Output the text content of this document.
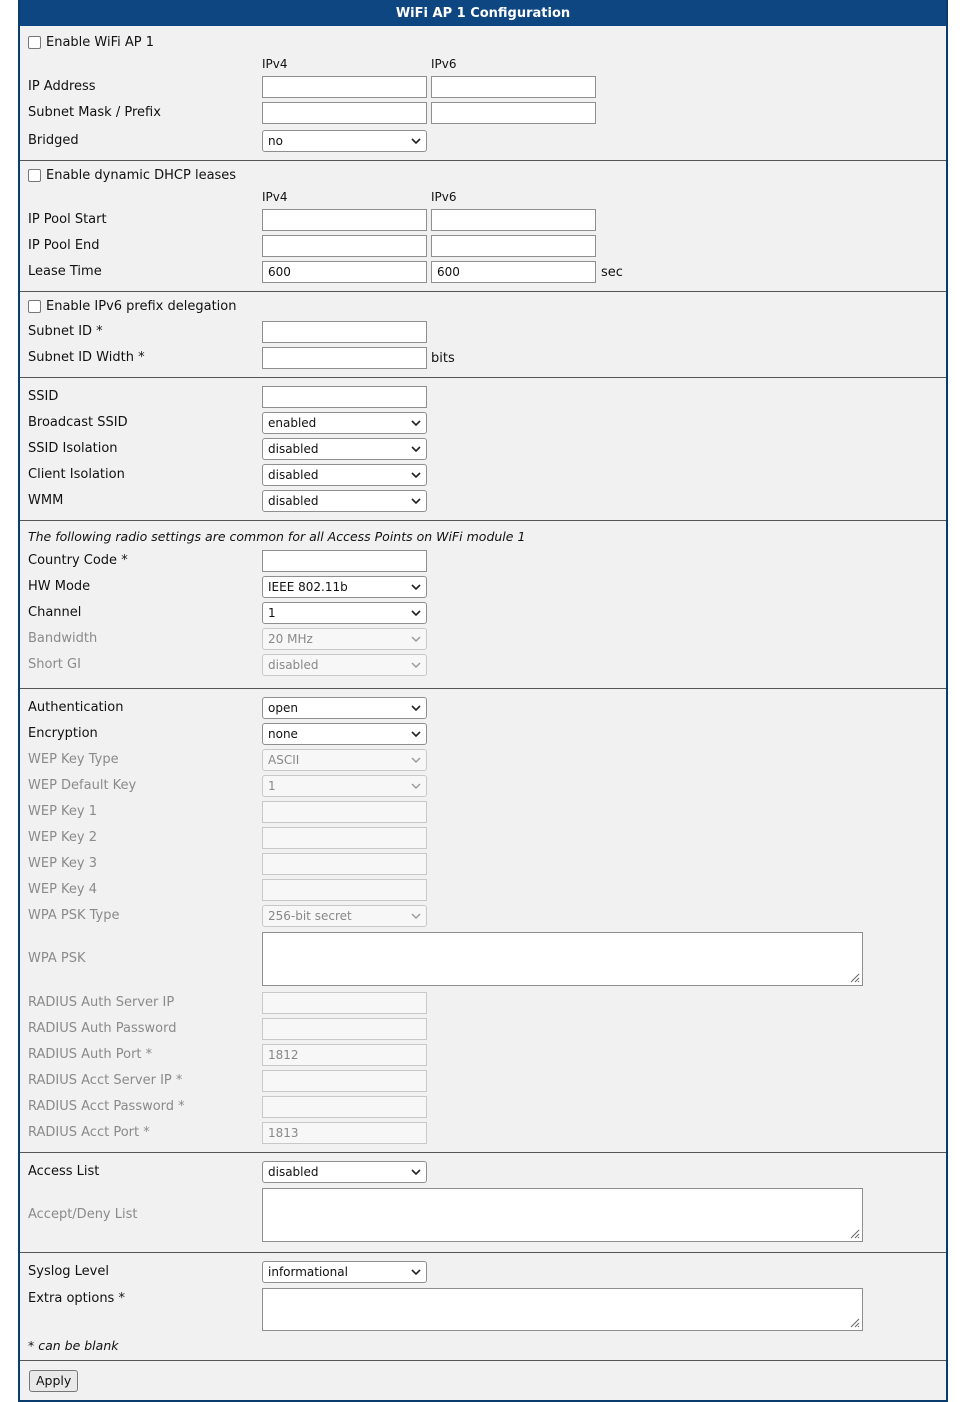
WiFi AP 1 Configuration
Enable WiFi AP 1
IPv4	IPv6
IP Address
Subnet Mask / Prefix
Bridged	no
Enable dynamic DHCP leases
IPv4	IPv6
IP Pool Start
IP Pool End
Lease Time	600	600	sec
Enable IPv6 prefix delegation
Subnet ID *
Subnet ID Width *	bits
SSID
Broadcast SSID	enabled
SSID Isolation	disabled
Client Isolation	disabled
WMM	disabled
The following radio settings are common for all Access Points on WiFi module 1
Country Code *
HW Mode	IEEE 802.11b
Channel	1
Bandwidth	20 MHz
Short GI	disabled
Authentication	open
Encryption	none
WEP Key Type	ASCII
WEP Default Key	1
WEP Key 1
WEP Key 2
WEP Key 3
WEP Key 4
WPA PSK Type	256-bit secret
WPA PSK
RADIUS Auth Server IP
RADIUS Auth Password
RADIUS Auth Port *	1812
RADIUS Acct Server IP *
RADIUS Acct Password *
RADIUS Acct Port *	1813
Access List	disabled
Accept/Deny List
Syslog Level	informational
Extra options *
* can be blank
Apply
